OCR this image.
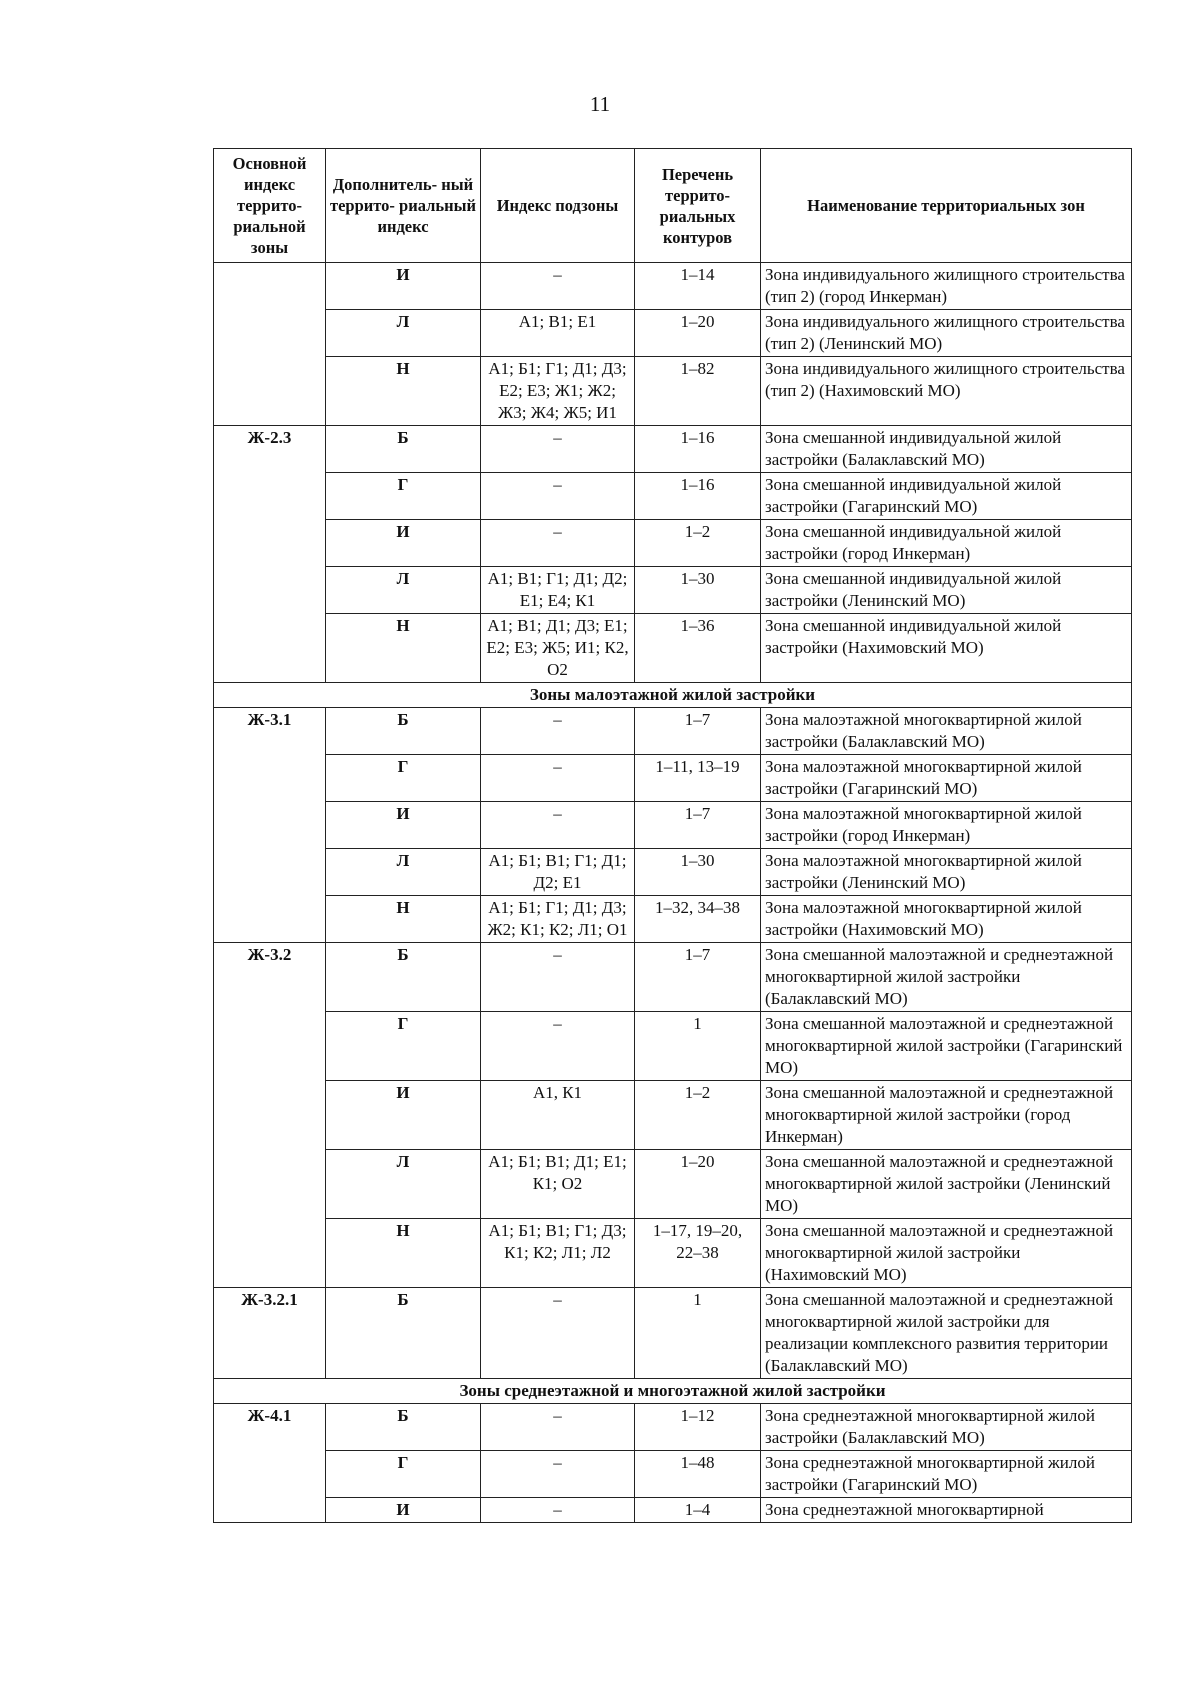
11
Основной индекс террито- риальной зоны	Дополнитель- ный террито- риальный индекс	Индекс подзоны	Перечень террито- риальных контуров	Наименование территориальных зон
	И	–	1–14	Зона индивидуального жилищного строительства (тип 2) (город Инкерман)
	Л	А1; В1; Е1	1–20	Зона индивидуального жилищного строительства (тип 2) (Ленинский МО)
	Н	А1; Б1; Г1; Д1; Д3; Е2; Е3; Ж1; Ж2; Ж3; Ж4; Ж5; И1	1–82	Зона индивидуального жилищного строительства (тип 2) (Нахимовский МО)
Ж-2.3	Б	–	1–16	Зона смешанной индивидуальной жилой застройки (Балаклавский МО)
	Г	–	1–16	Зона смешанной индивидуальной жилой застройки (Гагаринский МО)
	И	–	1–2	Зона смешанной индивидуальной жилой застройки (город Инкерман)
	Л	А1; В1; Г1; Д1; Д2; Е1; Е4; К1	1–30	Зона смешанной индивидуальной жилой застройки (Ленинский МО)
	Н	А1; В1; Д1; Д3; Е1; Е2; Е3; Ж5; И1; К2, О2	1–36	Зона смешанной индивидуальной жилой застройки (Нахимовский МО)
Зоны малоэтажной жилой застройки				
Ж-3.1	Б	–	1–7	Зона малоэтажной многоквартирной жилой застройки (Балаклавский МО)
	Г	–	1–11, 13–19	Зона малоэтажной многоквартирной жилой застройки (Гагаринский МО)
	И	–	1–7	Зона малоэтажной многоквартирной жилой застройки (город Инкерман)
	Л	А1; Б1; В1; Г1; Д1; Д2; Е1	1–30	Зона малоэтажной многоквартирной жилой застройки (Ленинский МО)
	Н	А1; Б1; Г1; Д1; Д3; Ж2; К1; К2; Л1; О1	1–32, 34–38	Зона малоэтажной многоквартирной жилой застройки (Нахимовский МО)
Ж-3.2	Б	–	1–7	Зона смешанной малоэтажной и среднеэтажной многоквартирной жилой застройки (Балаклавский МО)
	Г	–	1	Зона смешанной малоэтажной и среднеэтажной многоквартирной жилой застройки (Гагаринский МО)
	И	А1, К1	1–2	Зона смешанной малоэтажной и среднеэтажной многоквартирной жилой застройки (город Инкерман)
	Л	А1; Б1; В1; Д1; Е1; К1; О2	1–20	Зона смешанной малоэтажной и среднеэтажной многоквартирной жилой застройки (Ленинский МО)
	Н	А1; Б1; В1; Г1; Д3; К1; К2; Л1; Л2	1–17, 19–20, 22–38	Зона смешанной малоэтажной и среднеэтажной многоквартирной жилой застройки (Нахимовский МО)
Ж-3.2.1	Б	–	1	Зона смешанной малоэтажной и среднеэтажной многоквартирной жилой застройки для реализации комплексного развития территории (Балаклавский МО)
Зоны среднеэтажной и многоэтажной жилой застройки				
Ж-4.1	Б	–	1–12	Зона среднеэтажной многоквартирной жилой застройки (Балаклавский МО)
	Г	–	1–48	Зона среднеэтажной многоквартирной жилой застройки (Гагаринский МО)
	И	–	1–4	Зона среднеэтажной многоквартирной
